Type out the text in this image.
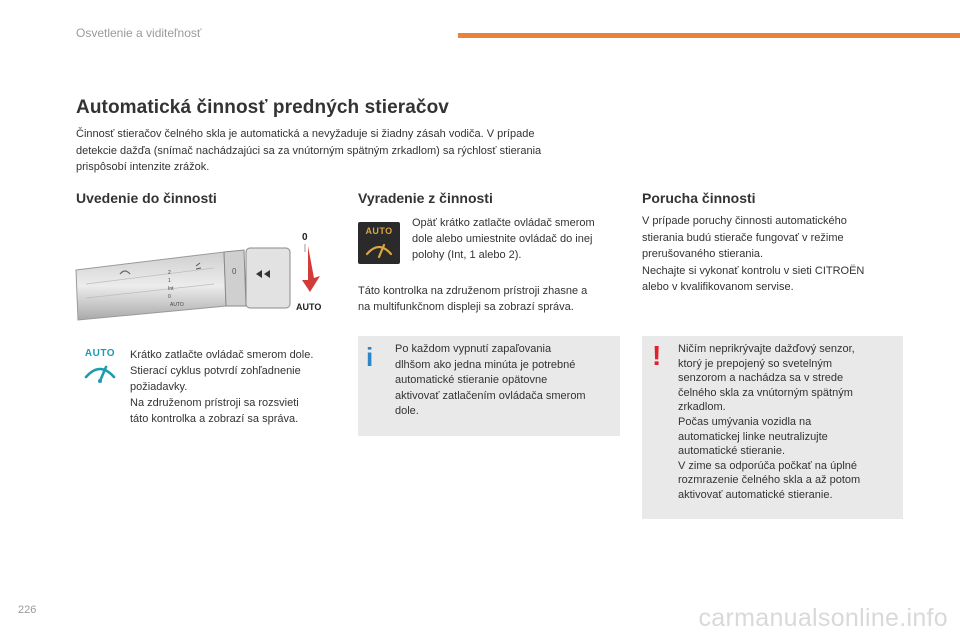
Osvetlenie a viditeľnosť
Automatická činnosť predných stieračov
Činnosť stieračov čelného skla je automatická a nevyžaduje si žiadny zásah vodiča. V prípade
detekcie dažďa (snímač nachádzajúci sa za vnútorným spätným zrkadlom) sa rýchlosť stierania
prispôsobí intenzite zrážok.
Uvedenie do činnosti
2
1
Int
0
AUTO
0
0
AUTO
AUTO	Krátko zatlačte ovládač smerom dole.
Stierací cyklus potvrdí zohľadnenie
požiadavky.
Na združenom prístroji sa rozsvieti
táto kontrolka a zobrazí sa správa.
Vyradenie z činnosti
AUTO
Opäť krátko zatlačte ovládač smerom
dole alebo umiestnite ovládač do inej
polohy (Int, 1 alebo 2).
Táto kontrolka na združenom prístroji zhasne a
na multifunkčnom displeji sa zobrazí správa.
i Po každom vypnutí zapaľovania
dlhšom ako jedna minúta je potrebné
automatické stieranie opätovne
aktivovať zatlačením ovládača smerom
dole.
Porucha činnosti
V prípade poruchy činnosti automatického
stierania budú stierače fungovať v režime
prerušovaného stierania.
Nechajte si vykonať kontrolu v sieti CITROËN
alebo v kvalifikovanom servise.
! Ničím neprikrývajte dažďový senzor,
ktorý je prepojený so svetelným
senzorom a nachádza sa v strede
čelného skla za vnútorným spätným
zrkadlom.
Počas umývania vozidla na
automatickej linke neutralizujte
automatické stieranie.
V zime sa odporúča počkať na úplné
rozmrazenie čelného skla a až potom
aktivovať automatické stieranie.
226	carmanualsonline.info
